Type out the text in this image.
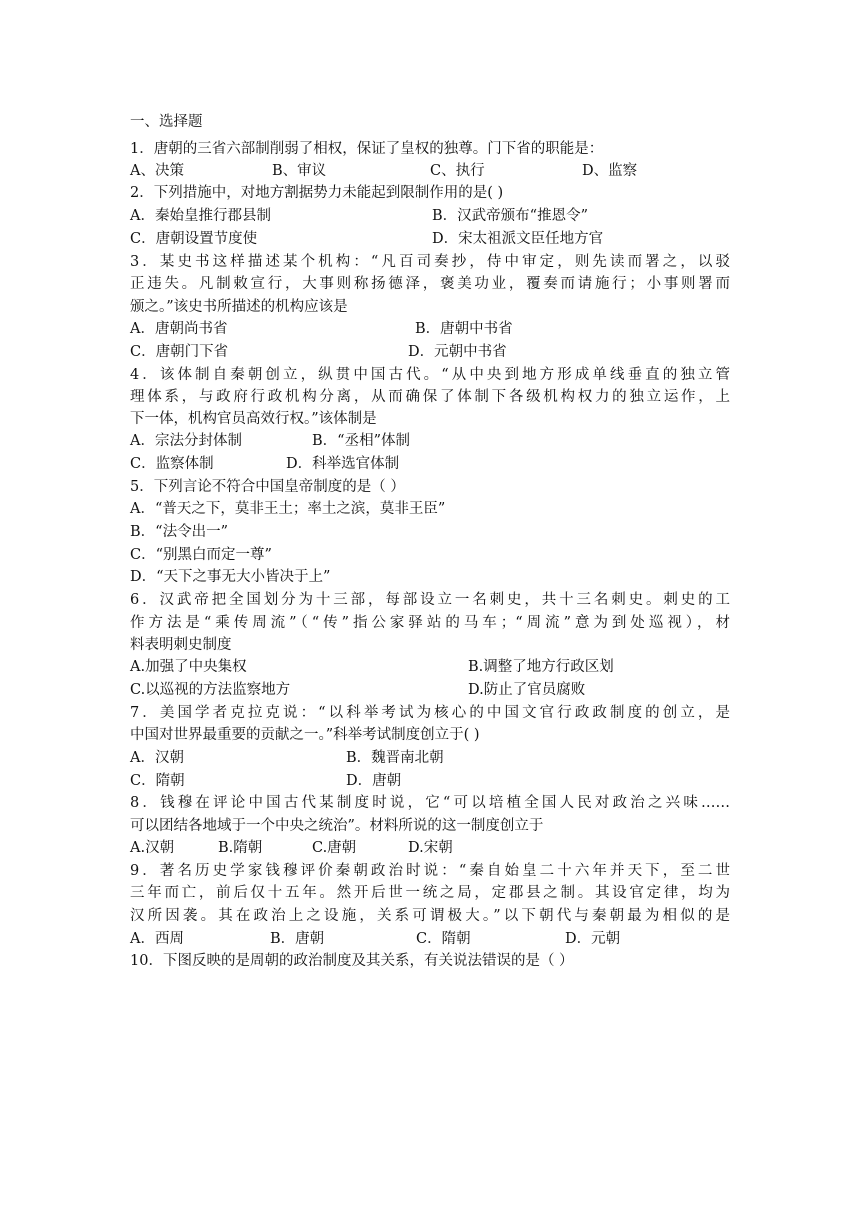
一、选择题
1．唐朝的三省六部制削弱了相权，保证了皇权的独尊。门下省的职能是：
A、决策	B、审议	C、执行	D、监察
2．下列措施中，对地方割据势力未能起到限制作用的是( )
A．秦始皇推行郡县制	B．汉武帝颁布“推恩令”
C．唐朝设置节度使	D．宋太祖派文臣任地方官
3．某史书这样描述某个机构：“凡百司奏抄，侍中审定，则先读而署之，以驳
正违失。凡制敕宣行，大事则称扬德泽，褒美功业，覆奏而请施行；小事则署而
颁之。”该史书所描述的机构应该是
A．唐朝尚书省	B．唐朝中书省
C．唐朝门下省	D．元朝中书省
4．该体制自秦朝创立，纵贯中国古代。“从中央到地方形成单线垂直的独立管
理体系，与政府行政机构分离，从而确保了体制下各级机构权力的独立运作，上
下一体，机构官员高效行权。”该体制是
A．宗法分封体制	B．“丞相”体制
C．监察体制	D．科举选官体制
5．下列言论不符合中国皇帝制度的是（ ）
A．“普天之下，莫非王土；率土之滨，莫非王臣”
B．“法令出一”
C．“别黑白而定一尊”
D．“天下之事无大小皆决于上”
6．汉武帝把全国划分为十三部，每部设立一名刺史，共十三名刺史。刺史的工
作方法是“乘传周流”（“传”指公家驿站的马车；“周流”意为到处巡视），材
料表明刺史制度
A.加强了中央集权	B.调整了地方行政区划
C.以巡视的方法监察地方	D.防止了官员腐败
7．美国学者克拉克说：“以科举考试为核心的中国文官行政政制度的创立，是
中国对世界最重要的贡献之一。”科举考试制度创立于( )
A．汉朝	B．魏晋南北朝
C．隋朝	D．唐朝
8．钱穆在评论中国古代某制度时说，它“可以培植全国人民对政治之兴味……
可以团结各地域于一个中央之统治”。材料所说的这一制度创立于
A.汉朝	B.隋朝	C.唐朝	D.宋朝
9．著名历史学家钱穆评价秦朝政治时说：“秦自始皇二十六年并天下，至二世
三年而亡，前后仅十五年。然开后世一统之局，定郡县之制。其设官定律，均为
汉所因袭。其在政治上之设施，关系可谓极大。”以下朝代与秦朝最为相似的是
A．西周	B．唐朝	C．隋朝	D．元朝
10．下图反映的是周朝的政治制度及其关系，有关说法错误的是（ ）
